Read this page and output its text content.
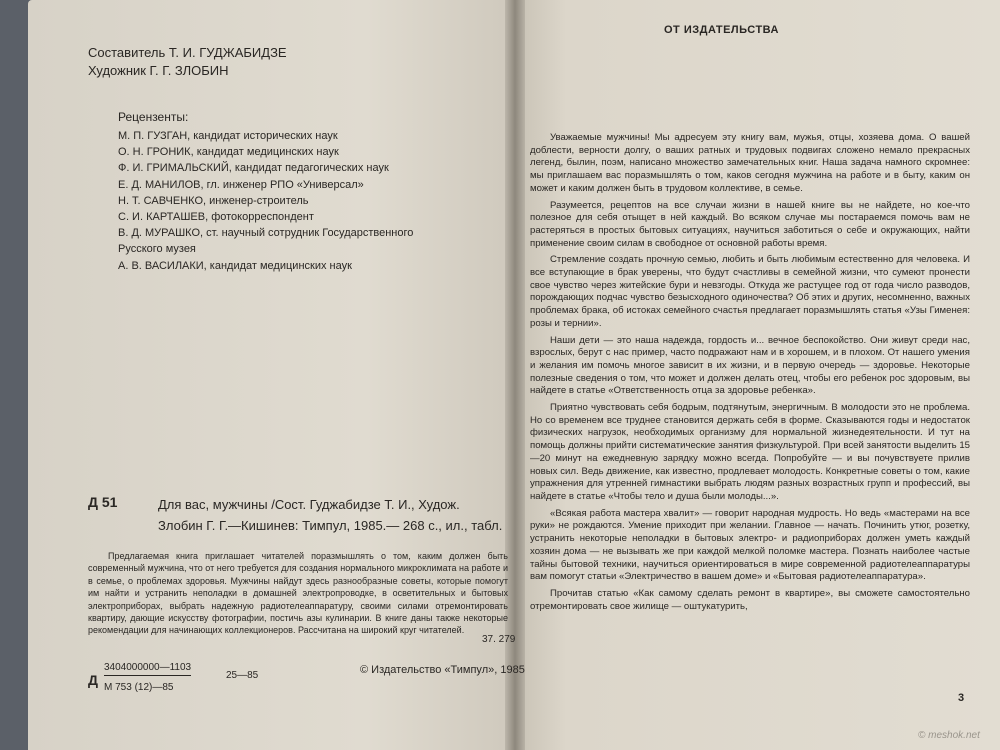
Составитель Т. И. ГУДЖАБИДЗЕ
Художник Г. Г. ЗЛОБИН
Рецензенты:
М. П. ГУЗГАН, кандидат исторических наук
О. Н. ГРОНИК, кандидат медицинских наук
Ф. И. ГРИМАЛЬСКИЙ, кандидат педагогических наук
Е. Д. МАНИЛОВ, гл. инженер РПО «Универсал»
Н. Т. САВЧЕНКО, инженер-строитель
С. И. КАРТАШЕВ, фотокорреспондент
В. Д. МУРАШКО, ст. научный сотрудник Государственного
Русского музея
А. В. ВАСИЛАКИ, кандидат медицинских наук
Д 51	Для вас, мужчины /Сост. Гуджабидзе Т. И., Худож. Злобин Г. Г.—Кишинев: Тимпул, 1985.— 268 с., ил., табл.
Предлагаемая книга приглашает читателей поразмышлять о том, каким должен быть современный мужчина, что от него требуется для создания нормального микроклимата на работе и в семье, о проблемах здоровья. Мужчины найдут здесь разнообразные советы, которые помогут им найти и устранить неполадки в домашней электропроводке, в осветительных и бытовых электроприборах, выбрать надежную радиотелеаппаратуру, своими силами отремонтировать квартиру, дающие искусству фотографии, постичь азы кулинарии. В книге даны также некоторые рекомендации для начинающих коллекционеров. Рассчитана на широкий круг читателей.
37. 279
Д
3404000000—1103
М 753 (12)—85
25—85	© Издательство «Тимпул», 1985
ОТ ИЗДАТЕЛЬСТВА

Уважаемые мужчины! Мы адресуем эту книгу вам, мужья, отцы, хозяева дома. О вашей доблести, верности долгу, о ваших ратных и трудовых подвигах сложено немало прекрасных легенд, былин, поэм, написано множество замечательных книг. Наша задача намного скромнее: мы приглашаем вас поразмышлять о том, каков сегодня мужчина на работе и в быту, каким он может и каким должен быть в трудовом коллективе, в семье.

Разумеется, рецептов на все случаи жизни в нашей книге вы не найдете, но кое-что полезное для себя отыщет в ней каждый. Во всяком случае мы постараемся помочь вам не растеряться в простых бытовых ситуациях, научиться заботиться о себе и окружающих, найти применение своим силам в свободное от основной работы время.

Стремление создать прочную семью, любить и быть любимым естественно для человека. И все вступающие в брак уверены, что будут счастливы в семейной жизни, что сумеют пронести свое чувство через житейские бури и невзгоды. Откуда же растущее год от года число разводов, порождающих подчас чувство безысходного одиночества? Об этих и других, несомненно, важных проблемах брака, об истоках семейного счастья предлагает поразмышлять статья «Узы Гименея: розы и тернии».

Наши дети — это наша надежда, гордость и... вечное беспокойство. Они живут среди нас, взрослых, берут с нас пример, часто подражают нам и в хорошем, и в плохом. От нашего умения и желания им помочь многое зависит в их жизни, и в первую очередь — здоровье. Некоторые полезные сведения о том, что может и должен делать отец, чтобы его ребенок рос здоровым, вы найдете в статье «Ответственность отца за здоровье ребенка».

Приятно чувствовать себя бодрым, подтянутым, энергичным. В молодости это не проблема. Но со временем все труднее становится держать себя в форме. Сказываются годы и недостаток физических нагрузок, необходимых организму для нормальной жизнедеятельности. И тут на помощь должны прийти систематические занятия физкультурой. При всей занятости выделить 15—20 минут на ежедневную зарядку можно всегда. Попробуйте — и вы почувствуете прилив новых сил. Ведь движение, как известно, продлевает молодость. Конкретные советы о том, какие упражнения для утренней гимнастики выбрать людям разных возрастных групп и профессий, вы найдете в статье «Чтобы тело и душа были молоды...».

«Всякая работа мастера хвалит» — говорит народная мудрость. Но ведь «мастерами на все руки» не рождаются. Умение приходит при желании. Главное — начать. Починить утюг, розетку, устранить некоторые неполадки в бытовых электро- и радиоприборах должен уметь каждый хозяин дома — не вызывать же при каждой мелкой поломке мастера. Познать наиболее частые тайны бытовой техники, научиться ориентироваться в мире современной радиотелеаппаратуры вам помогут статьи «Электричество в вашем доме» и «Бытовая радиотелеаппаратура».

Прочитав статью «Как самому сделать ремонт в квартире», вы сможете самостоятельно отремонтировать свое жилище — оштукатурить,

3
© meshok.net
